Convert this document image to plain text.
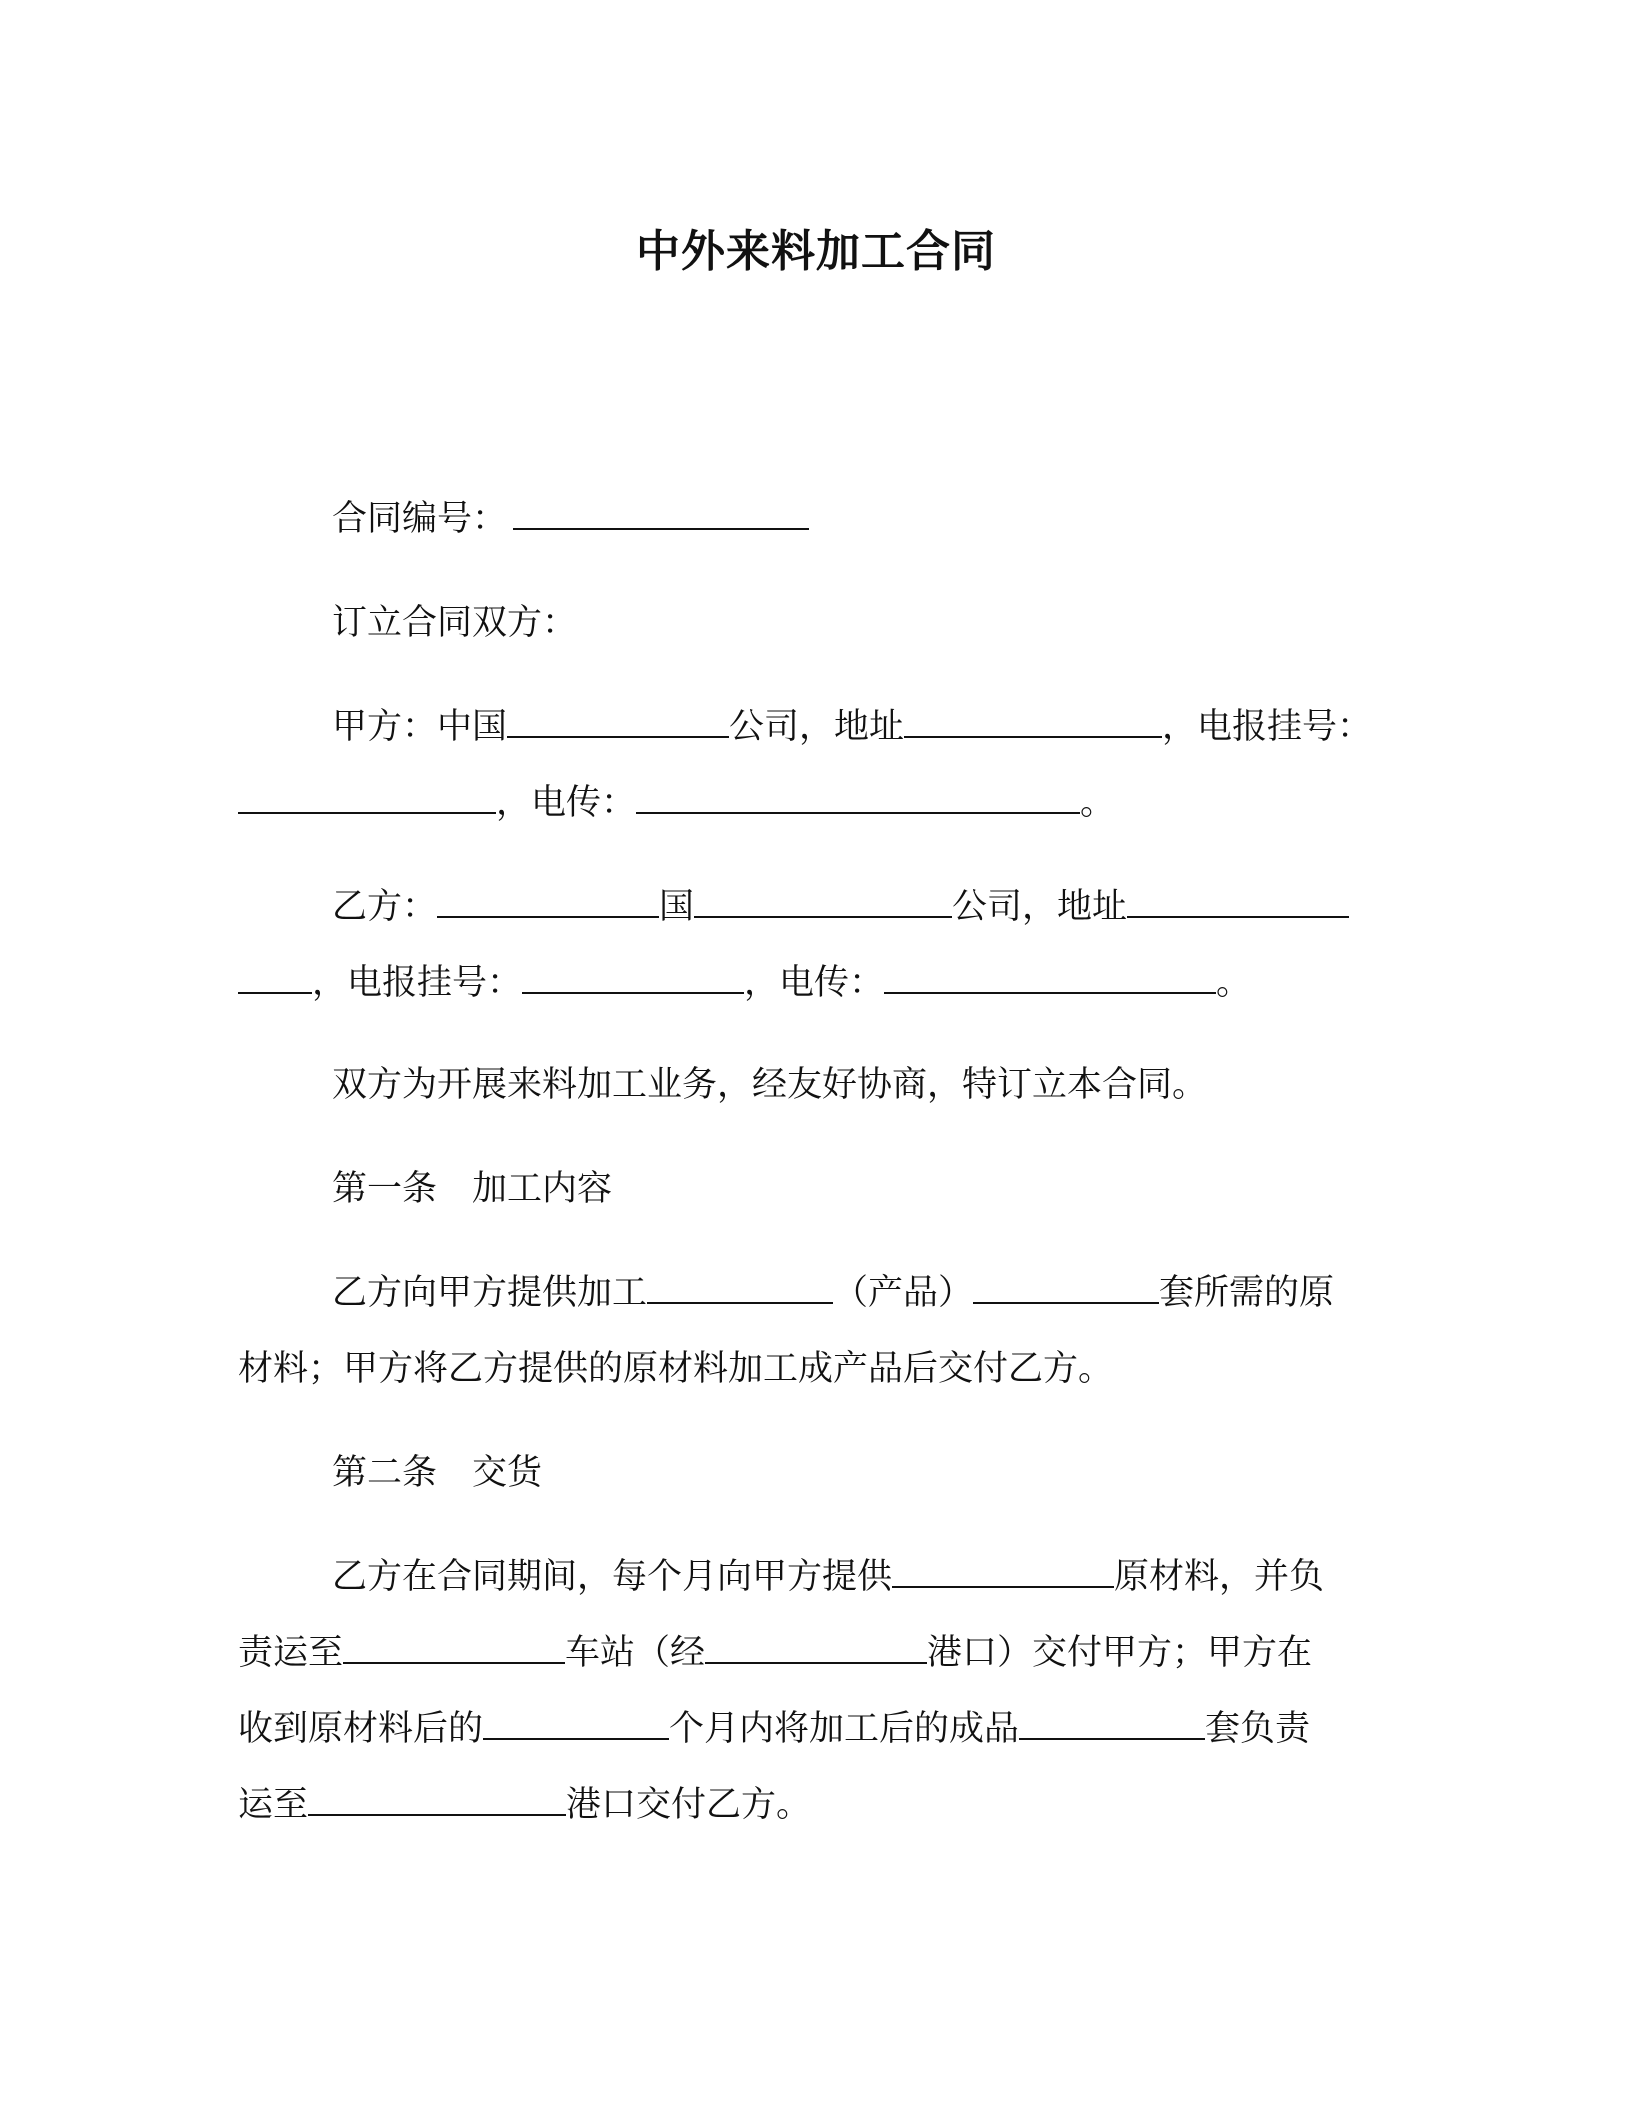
中外来料加工合同
合同编号：
订立合同双方：
甲方：中国	公司，地址	，电报挂号：
，电传：	。
乙方：	国	公司，地址
，电报挂号：	，电传：	。
双方为开展来料加工业务，经友好协商，特订立本合同。
第一条　加工内容
乙方向甲方提供加工	（产品）	套所需的原
材料；甲方将乙方提供的原材料加工成产品后交付乙方。
第二条　交货
乙方在合同期间，每个月向甲方提供	原材料，并负
责运至	车站（经	港口）交付甲方；甲方在
收到原材料后的	个月内将加工后的成品	套负责
运至	港口交付乙方。
